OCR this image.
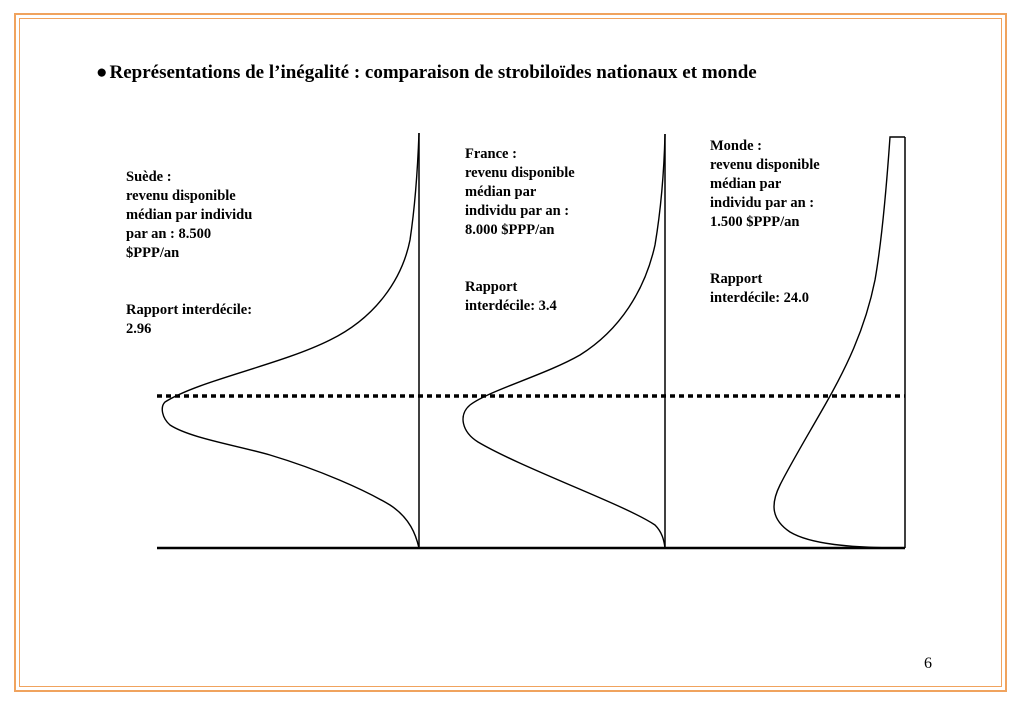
● Représentations de l’inégalité : comparaison de strobiloïdes nationaux et monde
Suède :
revenu disponible
médian par individu
par an : 8.500
$PPP/an
Rapport interdécile:
2.96
France :
revenu disponible
médian par
individu par an :
8.000 $PPP/an
Rapport
interdécile: 3.4
Monde :
revenu disponible
médian par
individu par an :
1.500 $PPP/an
Rapport
interdécile: 24.0
6
